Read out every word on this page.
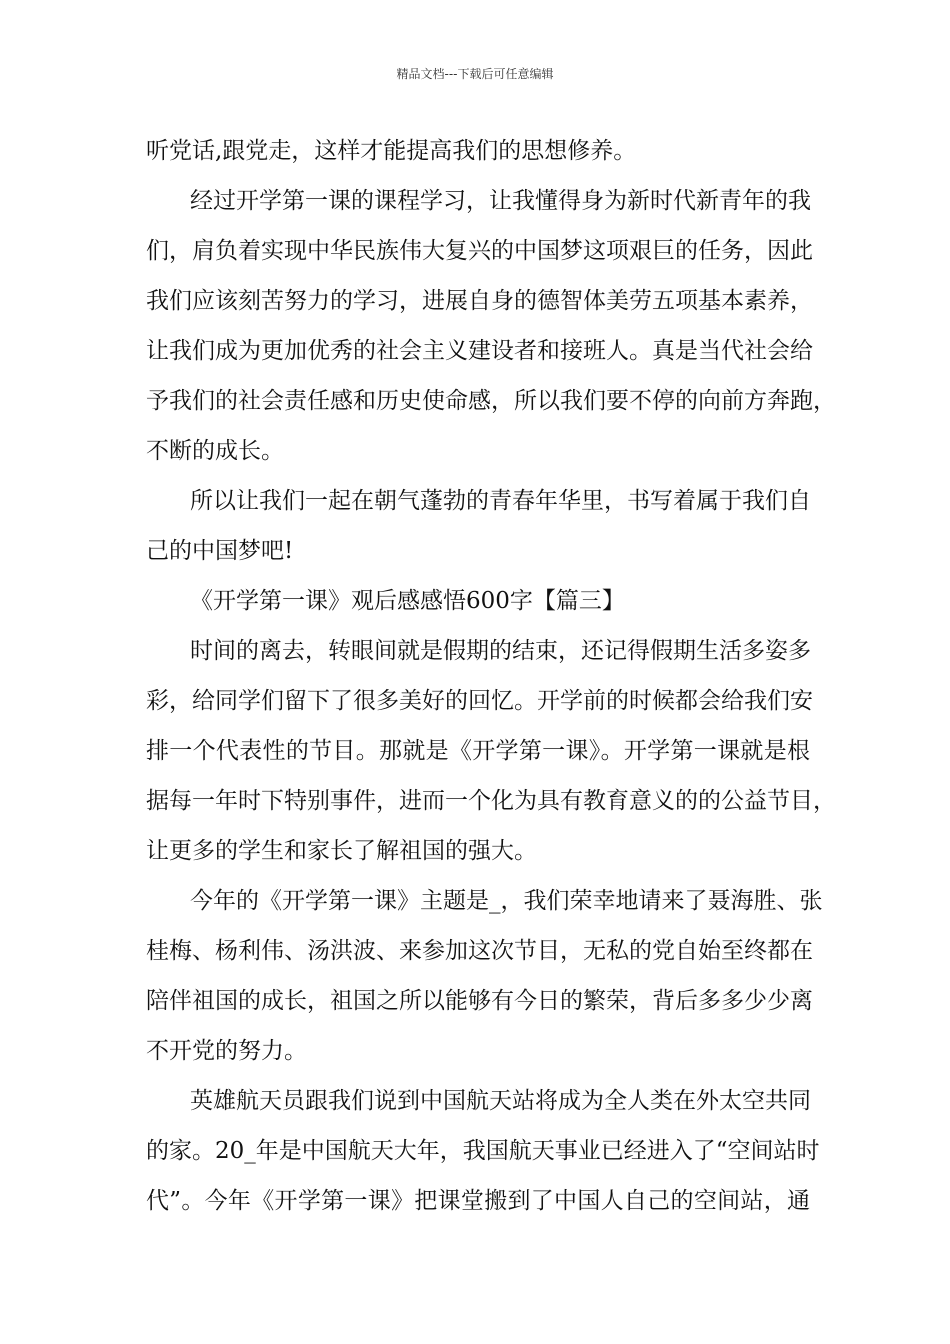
精品文档---下载后可任意编辑
听党话,跟党走，这样才能提高我们的思想修养。
经过开学第一课的课程学习，让我懂得身为新时代新青年的我
们，肩负着实现中华民族伟大复兴的中国梦这项艰巨的任务，因此
我们应该刻苦努力的学习，进展自身的德智体美劳五项基本素养，
让我们成为更加优秀的社会主义建设者和接班人。真是当代社会给
予我们的社会责任感和历史使命感，所以我们要不停的向前方奔跑，
不断的成长。
所以让我们一起在朝气蓬勃的青春年华里，书写着属于我们自
己的中国梦吧!
《开学第一课》观后感感悟600字【篇三】
时间的离去，转眼间就是假期的结束，还记得假期生活多姿多
彩，给同学们留下了很多美好的回忆。开学前的时候都会给我们安
排一个代表性的节目。那就是《开学第一课》。开学第一课就是根
据每一年时下特别事件，进而一个化为具有教育意义的的公益节目，
让更多的学生和家长了解祖国的强大。
今年的《开学第一课》主题是_，我们荣幸地请来了聂海胜、张
桂梅、杨利伟、汤洪波、来参加这次节目，无私的党自始至终都在
陪伴祖国的成长，祖国之所以能够有今日的繁荣，背后多多少少离
不开党的努力。
英雄航天员跟我们说到中国航天站将成为全人类在外太空共同
的家。20_年是中国航天大年，我国航天事业已经进入了“空间站时
代”。今年《开学第一课》把课堂搬到了中国人自己的空间站，通
